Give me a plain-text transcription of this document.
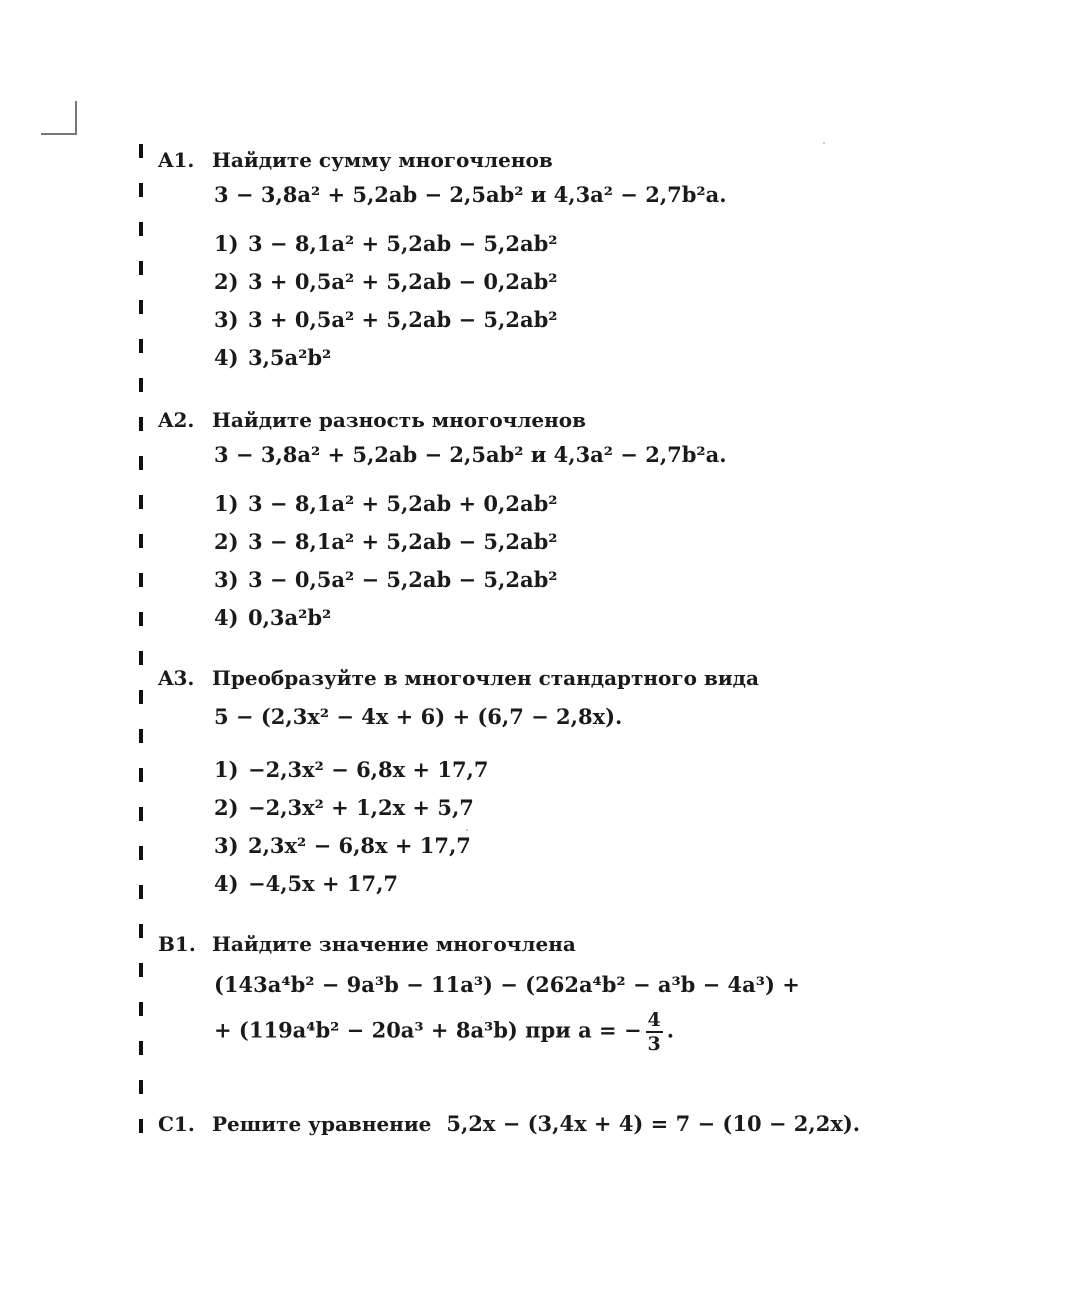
A1. Найдите сумму многочленов
3 − 3,8a² + 5,2ab − 2,5ab² и 4,3a² − 2,7b²a.
1) 3 − 8,1a² + 5,2ab − 5,2ab²
2) 3 + 0,5a² + 5,2ab − 0,2ab²
3) 3 + 0,5a² + 5,2ab − 5,2ab²
4) 3,5a²b²
A2. Найдите разность многочленов
3 − 3,8a² + 5,2ab − 2,5ab² и 4,3a² − 2,7b²a.
1) 3 − 8,1a² + 5,2ab + 0,2ab²
2) 3 − 8,1a² + 5,2ab − 5,2ab²
3) 3 − 0,5a² − 5,2ab − 5,2ab²
4) 0,3a²b²
A3. Преобразуйте в многочлен стандартного вида
5 − (2,3x² − 4x + 6) + (6,7 − 2,8x).
1) −2,3x² − 6,8x + 17,7
2) −2,3x² + 1,2x + 5,7
3) 2,3x² − 6,8x + 17,7
4) −4,5x + 17,7
B1. Найдите значение многочлена
(143a⁴b² − 9a³b − 11a³) − (262a⁴b² − a³b − 4a³) +
+ (119a⁴b² − 20a³ + 8a³b) при a = − $\frac{4}{3}$ .
C1. Решите уравнение 5,2x − (3,4x + 4) = 7 − (10 − 2,2x).
